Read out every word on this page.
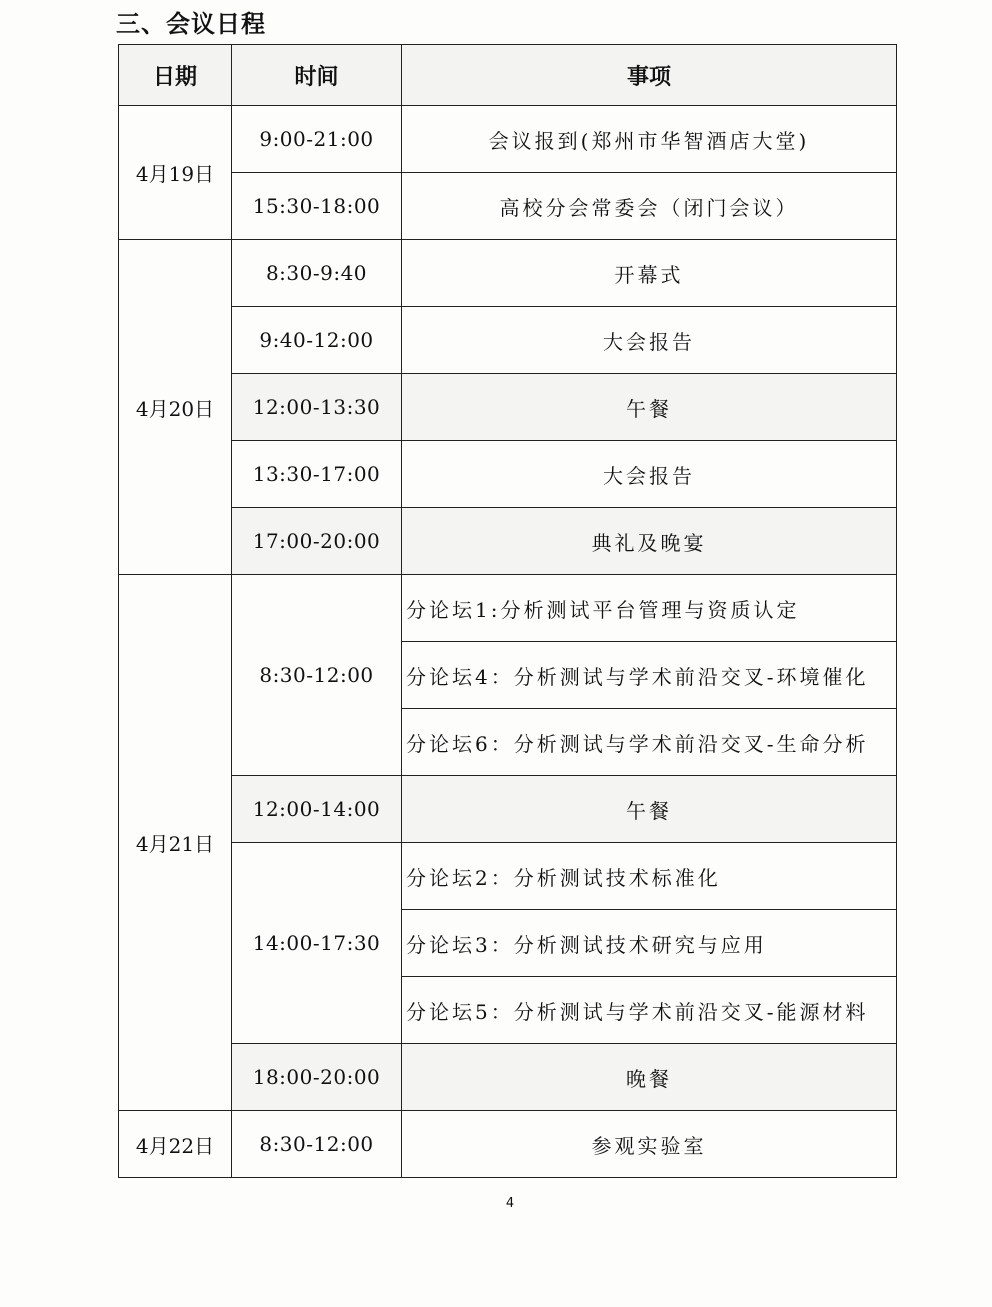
三、会议日程
日期	时间	事项
4月19日	9:00-21:00	会议报到(郑州市华智酒店大堂)
	15:30-18:00	高校分会常委会（闭门会议）
4月20日	8:30-9:40	开幕式
	9:40-12:00	大会报告
	12:00-13:30	午餐
	13:30-17:00	大会报告
	17:00-20:00	典礼及晚宴
4月21日	8:30-12:00	分论坛1:分析测试平台管理与资质认定
		分论坛4：分析测试与学术前沿交叉-环境催化
		分论坛6：分析测试与学术前沿交叉-生命分析
	12:00-14:00	午餐
	14:00-17:30	分论坛2：分析测试技术标准化
		分论坛3：分析测试技术研究与应用
		分论坛5：分析测试与学术前沿交叉-能源材料
	18:00-20:00	晚餐
4月22日	8:30-12:00	参观实验室
4
